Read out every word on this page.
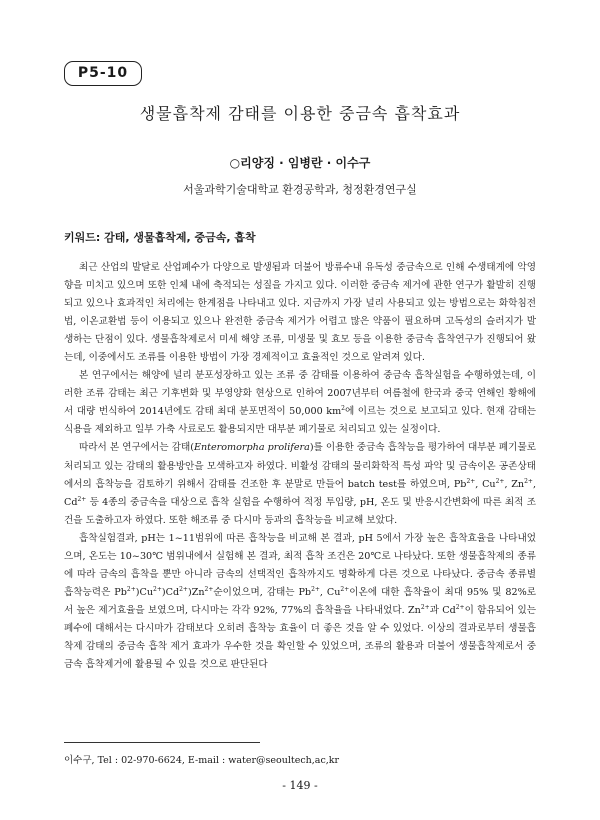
P5-10
생물흡착제 감태를 이용한 중금속 흡착효과
○리양징 · 임병란 · 이수구
서울과학기술대학교 환경공학과, 청정환경연구실
키워드: 감태, 생물흡착제, 중금속, 흡착

최근 산업의 발달로 산업폐수가 다양으로 발생됨과 더불어 방류수내 유독성 중금속으로 인해 수생태계에 악영향을 미치고 있으며 또한 인체 내에 축적되는 성질을 가지고 있다. 이러한 중금속 제거에 관한 연구가 활발히 진행되고 있으나 효과적인 처리에는 한계점을 나타내고 있다. 지금까지 가장 널리 사용되고 있는 방법으로는 화학침전법, 이온교환법 등이 이용되고 있으나 완전한 중금속 제거가 어렵고 많은 약품이 필요하며 고독성의 슬러지가 발생하는 단점이 있다. 생물흡착제로서 미세 해양 조류, 미생물 및 효모 등을 이용한 중금속 흡착연구가 진행되어 왔는데, 이중에서도 조류를 이용한 방법이 가장 경제적이고 효율적인 것으로 알려져 있다.

본 연구에서는 해양에 널리 분포성장하고 있는 조류 중 감태를 이용하여 중금속 흡착실험을 수행하였는데, 이러한 조류 감태는 최근 기후변화 및 부영양화 현상으로 인하여 2007년부터 여름철에 한국과 중국 연해인 황해에서 대량 번식하여 2014년에도 감태 최대 분포면적이 50,000 $km^2$에 이르는 것으로 보고되고 있다. 현재 감태는 식용을 제외하고 일부 가축 사료로도 활용되지만 대부분 폐기물로 처리되고 있는 실정이다.

따라서 본 연구에서는 감태(Enteromorpha prolifera)를 이용한 중금속 흡착능을 평가하여 대부분 폐기물로 처리되고 있는 감태의 활용방안을 모색하고자 하였다. 비활성 감태의 물리화학적 특성 파악 및 금속이온 공존상태에서의 흡착능을 검토하기 위해서 감태를 건조한 후 분말로 만들어 batch test를 하였으며, $Pb^{2+}$, $Cu^{2+}$, $Zn^{2+}$, $Cd^{2+}$ 등 4종의 중금속을 대상으로 흡착 실험을 수행하여 적정 투입량, pH, 온도 및 반응시간변화에 따른 최적 조건을 도출하고자 하였다. 또한 해조류 중 다시마 등과의 흡착능을 비교해 보았다.

흡착실험결과, pH는 1~11범위에 따른 흡착능을 비교해 본 결과, pH 5에서 가장 높은 흡착효율을 나타내었으며, 온도는 10~30℃ 범위내에서 실험해 본 결과, 최적 흡착 조건은 20℃로 나타났다. 또한 생물흡착제의 종류에 따라 금속의 흡착을 뿐만 아니라 금속의 선택적인 흡착까지도 명확하게 다른 것으로 나타났다. 중금속 종류별 흡착능력은 $Pb^{2+})Cu^{2+})Cd^{2+})Zn^{2+}$순이었으며, 감태는 $Pb^{2+}$, $Cu^{2+}$이온에 대한 흡착율이 최대 95% 및 82%로서 높은 제거효율을 보였으며, 다시마는 각각 92%, 77%의 흡착율을 나타내었다. $Zn^{2+}$과 $Cd^{2+}$이 함유되어 있는 폐수에 대해서는 다시마가 감태보다 오히려 흡착능 효율이 더 좋은 것을 알 수 있었다. 이상의 결과로부터 생물흡착제 감태의 중금속 흡착 제거 효과가 우수한 것을 확인할 수 있었으며, 조류의 활용과 더불어 생물흡착제로서 중금속 흡착제거에 활용될 수 있을 것으로 판단된다

이수구, Tel : 02-970-6624, E-mail : water@seoultech,ac,kr
- 149 -
